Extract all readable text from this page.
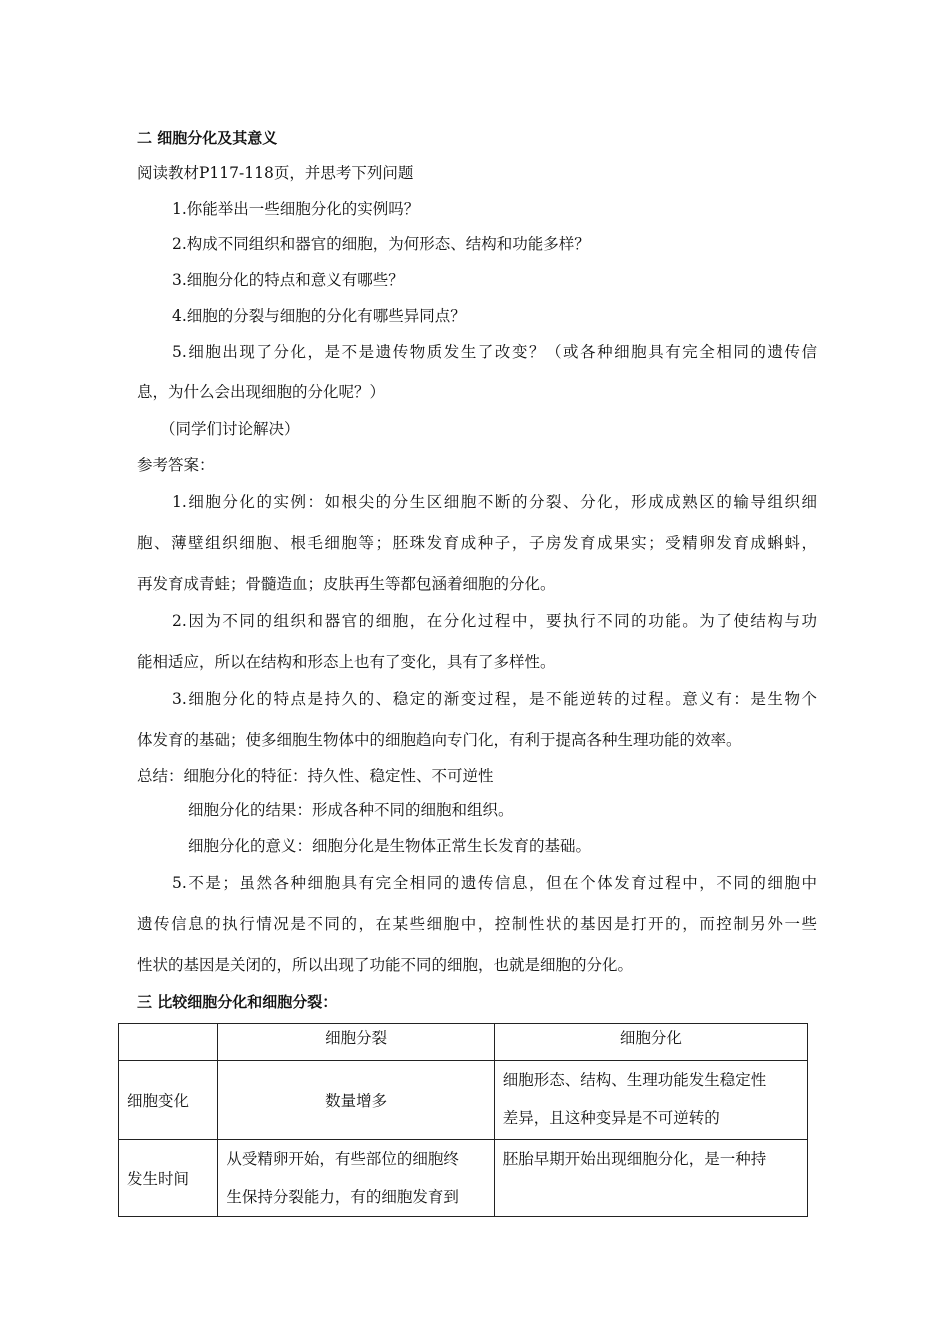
二 细胞分化及其意义
阅读教材P117-118页，并思考下列问题
1.你能举出一些细胞分化的实例吗？
2.构成不同组织和器官的细胞，为何形态、结构和功能多样？
3.细胞分化的特点和意义有哪些？
4.细胞的分裂与细胞的分化有哪些异同点？
5.细胞出现了分化，是不是遗传物质发生了改变？（或各种细胞具有完全相同的遗传信
息，为什么会出现细胞的分化呢？）
（同学们讨论解决）
参考答案：
1.细胞分化的实例：如根尖的分生区细胞不断的分裂、分化，形成成熟区的输导组织细
胞、薄壁组织细胞、根毛细胞等；胚珠发育成种子，子房发育成果实；受精卵发育成蝌蚪，
再发育成青蛙；骨髓造血；皮肤再生等都包涵着细胞的分化。
2.因为不同的组织和器官的细胞，在分化过程中，要执行不同的功能。为了使结构与功
能相适应，所以在结构和形态上也有了变化，具有了多样性。
3.细胞分化的特点是持久的、稳定的渐变过程，是不能逆转的过程。意义有：是生物个
体发育的基础；使多细胞生物体中的细胞趋向专门化，有利于提高各种生理功能的效率。
总结：细胞分化的特征：持久性、稳定性、不可逆性
细胞分化的结果：形成各种不同的细胞和组织。
细胞分化的意义：细胞分化是生物体正常生长发育的基础。
5.不是；虽然各种细胞具有完全相同的遗传信息，但在个体发育过程中，不同的细胞中
遗传信息的执行情况是不同的，在某些细胞中，控制性状的基因是打开的，而控制另外一些
性状的基因是关闭的，所以出现了功能不同的细胞，也就是细胞的分化。
三 比较细胞分化和细胞分裂：
	细胞分裂	细胞分化
细胞变化	数量增多	细胞形态、结构、生理功能发生稳定性
差异，且这种变异是不可逆转的

发生时间	从受精卵开始，有些部位的细胞终
生保持分裂能力，有的细胞发育到	胚胎早期开始出现细胞分化，是一种持
